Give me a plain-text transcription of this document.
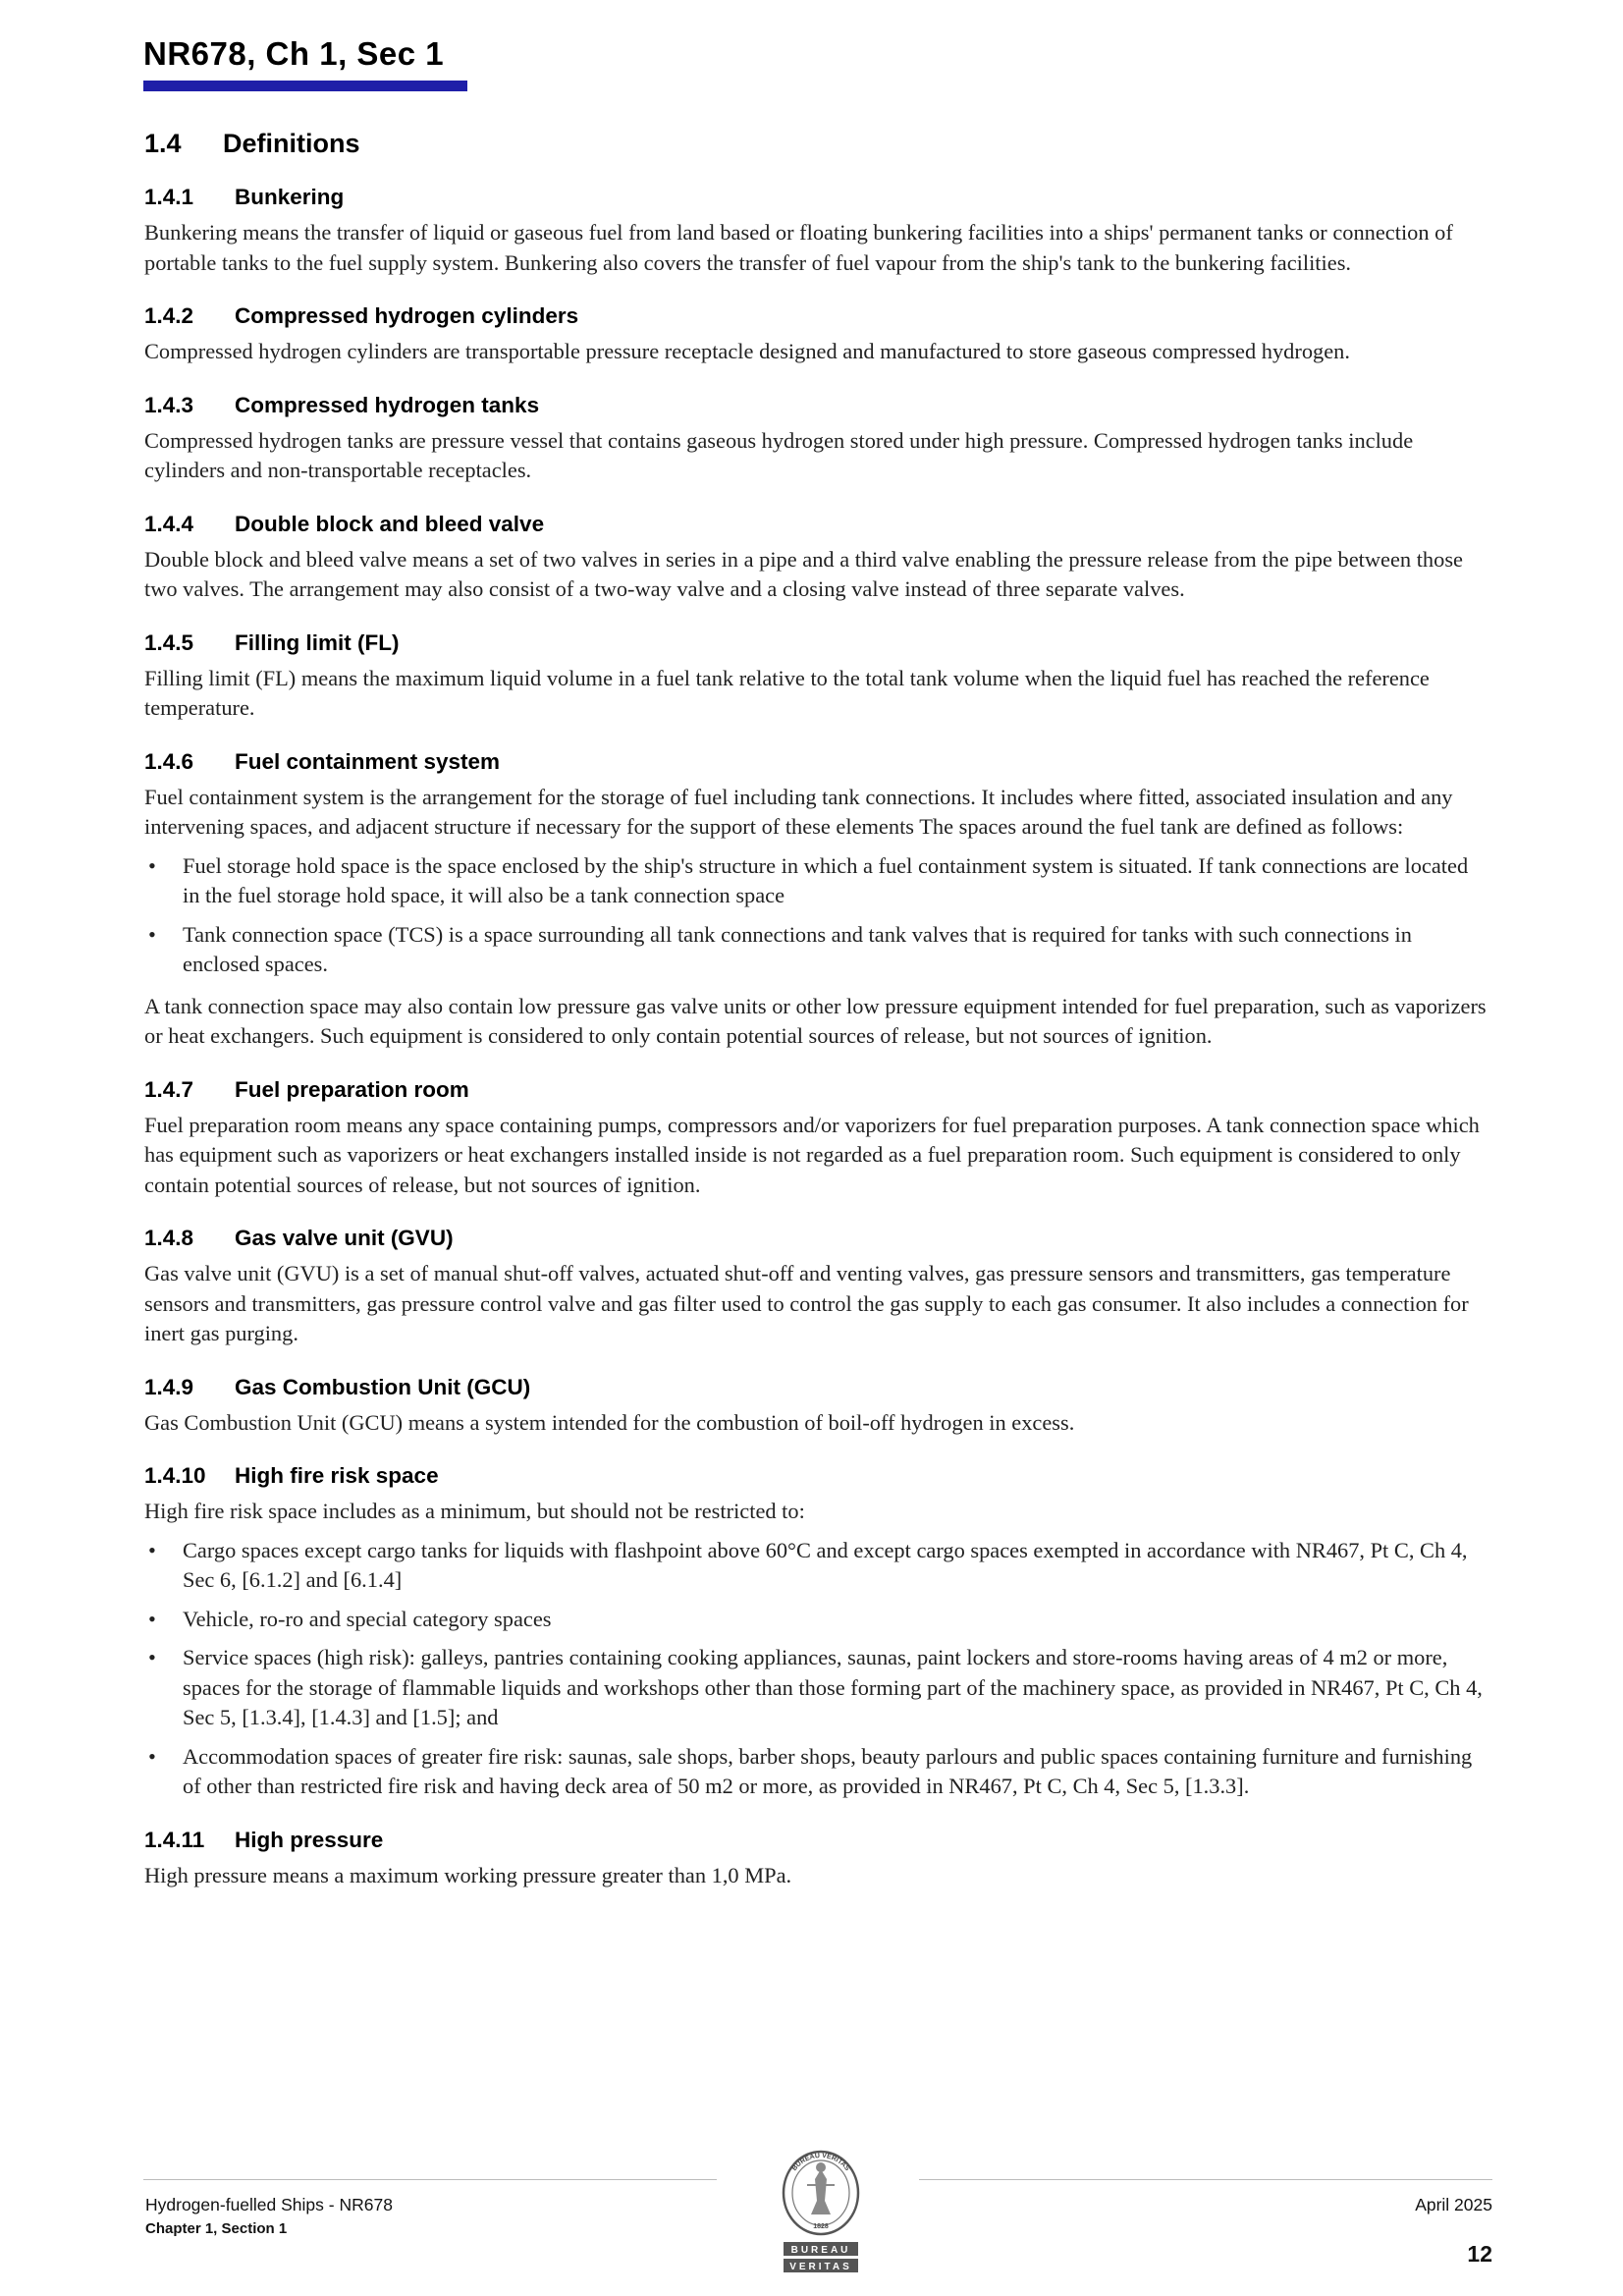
NR678, Ch 1, Sec 1
1.4 Definitions
1.4.1 Bunkering

Bunkering means the transfer of liquid or gaseous fuel from land based or floating bunkering facilities into a ships' permanent tanks or connection of portable tanks to the fuel supply system. Bunkering also covers the transfer of fuel vapour from the ship's tank to the bunkering facilities.

1.4.2 Compressed hydrogen cylinders

Compressed hydrogen cylinders are transportable pressure receptacle designed and manufactured to store gaseous compressed hydrogen.

1.4.3 Compressed hydrogen tanks

Compressed hydrogen tanks are pressure vessel that contains gaseous hydrogen stored under high pressure. Compressed hydrogen tanks include cylinders and non-transportable receptacles.

1.4.4 Double block and bleed valve

Double block and bleed valve means a set of two valves in series in a pipe and a third valve enabling the pressure release from the pipe between those two valves. The arrangement may also consist of a two-way valve and a closing valve instead of three separate valves.

1.4.5 Filling limit (FL)

Filling limit (FL) means the maximum liquid volume in a fuel tank relative to the total tank volume when the liquid fuel has reached the reference temperature.

1.4.6 Fuel containment system

Fuel containment system is the arrangement for the storage of fuel including tank connections. It includes where fitted, associated insulation and any intervening spaces, and adjacent structure if necessary for the support of these elements The spaces around the fuel tank are defined as follows:

• Fuel storage hold space is the space enclosed by the ship's structure in which a fuel containment system is situated. If tank connections are located in the fuel storage hold space, it will also be a tank connection space
• Tank connection space (TCS) is a space surrounding all tank connections and tank valves that is required for tanks with such connections in enclosed spaces.

A tank connection space may also contain low pressure gas valve units or other low pressure equipment intended for fuel preparation, such as vaporizers or heat exchangers. Such equipment is considered to only contain potential sources of release, but not sources of ignition.

1.4.7 Fuel preparation room

Fuel preparation room means any space containing pumps, compressors and/or vaporizers for fuel preparation purposes. A tank connection space which has equipment such as vaporizers or heat exchangers installed inside is not regarded as a fuel preparation room. Such equipment is considered to only contain potential sources of release, but not sources of ignition.

1.4.8 Gas valve unit (GVU)

Gas valve unit (GVU) is a set of manual shut-off valves, actuated shut-off and venting valves, gas pressure sensors and transmitters, gas temperature sensors and transmitters, gas pressure control valve and gas filter used to control the gas supply to each gas consumer. It also includes a connection for inert gas purging.

1.4.9 Gas Combustion Unit (GCU)

Gas Combustion Unit (GCU) means a system intended for the combustion of boil-off hydrogen in excess.

1.4.10 High fire risk space

High fire risk space includes as a minimum, but should not be restricted to:

• Cargo spaces except cargo tanks for liquids with flashpoint above 60°C and except cargo spaces exempted in accordance with NR467, Pt C, Ch 4, Sec 6, [6.1.2] and [6.1.4]
• Vehicle, ro-ro and special category spaces
• Service spaces (high risk): galleys, pantries containing cooking appliances, saunas, paint lockers and store-rooms having areas of 4 m2 or more, spaces for the storage of flammable liquids and workshops other than those forming part of the machinery space, as provided in NR467, Pt C, Ch 4, Sec 5, [1.3.4], [1.4.3] and [1.5]; and
• Accommodation spaces of greater fire risk: saunas, sale shops, barber shops, beauty parlours and public spaces containing furniture and furnishing of other than restricted fire risk and having deck area of 50 m2 or more, as provided in NR467, Pt C, Ch 4, Sec 5, [1.3.3].
1.4.11 High pressure

High pressure means a maximum working pressure greater than 1,0 MPa.

Hydrogen-fuelled Ships - NR678

Chapter 1, Section 1

April 2025

12

BUREAU VERITAS
1828
BUREAU
VERITAS
